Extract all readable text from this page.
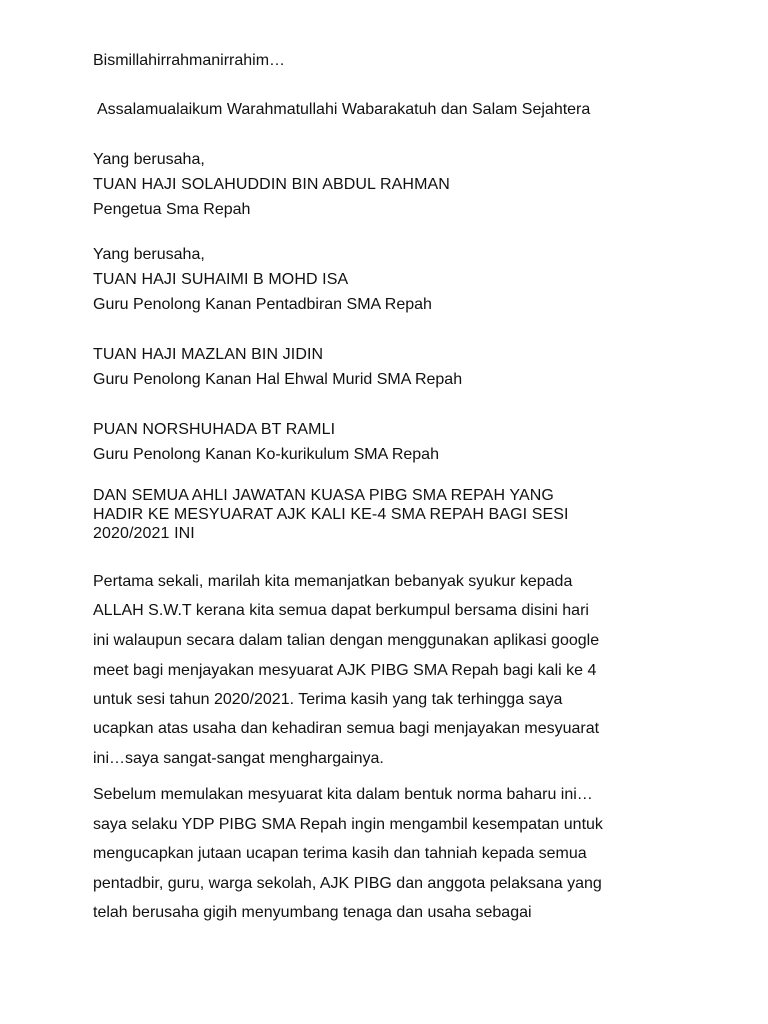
Bismillahirrahmanirrahim…

Assalamualaikum Warahmatullahi Wabarakatuh dan Salam Sejahtera

Yang berusaha,

TUAN HAJI SOLAHUDDIN BIN ABDUL RAHMAN

Pengetua Sma Repah

Yang berusaha,

TUAN HAJI SUHAIMI B MOHD ISA

Guru Penolong Kanan Pentadbiran SMA Repah

TUAN HAJI MAZLAN BIN JIDIN

Guru Penolong Kanan Hal Ehwal Murid SMA Repah

PUAN NORSHUHADA BT RAMLI

Guru Penolong Kanan Ko-kurikulum SMA Repah

DAN SEMUA AHLI JAWATAN KUASA PIBG SMA REPAH YANG

HADIR KE MESYUARAT AJK KALI KE-4 SMA REPAH BAGI SESI

2020/2021 INI

Pertama sekali, marilah kita memanjatkan bebanyak syukur kepada

ALLAH S.W.T kerana kita semua dapat berkumpul bersama disini hari

ini walaupun secara dalam talian dengan menggunakan aplikasi google

meet bagi menjayakan mesyuarat AJK PIBG SMA Repah bagi kali ke 4

untuk sesi tahun 2020/2021. Terima kasih yang tak terhingga saya

ucapkan atas usaha dan kehadiran semua bagi menjayakan mesyuarat

ini…saya sangat-sangat menghargainya.

Sebelum memulakan mesyuarat kita dalam bentuk norma baharu ini…

saya selaku YDP PIBG SMA Repah ingin mengambil kesempatan untuk

mengucapkan jutaan ucapan terima kasih dan tahniah kepada semua

pentadbir, guru, warga sekolah, AJK PIBG dan anggota pelaksana yang

telah berusaha gigih menyumbang tenaga dan usaha sebagai
